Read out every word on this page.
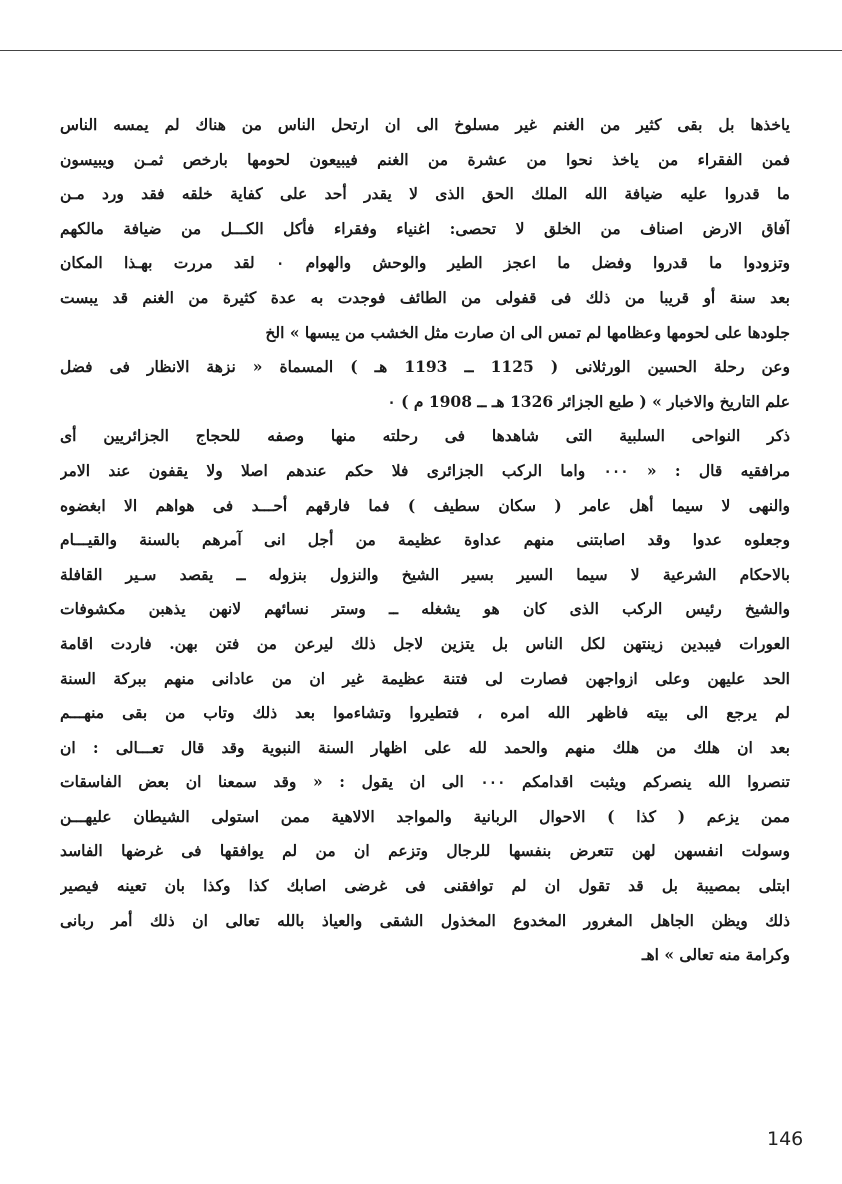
ياخذها بل بقى كثير من الغنم غير مسلوخ الى ان ارتحل الناس من هناك لم يمسه الناس
فمن الفقراء من ياخذ نحوا من عشرة من الغنم فيبيعون لحومها بارخص ثمـن ويبيسون
ما قدروا عليه ضيافة الله الملك الحق الذى لا يقدر أحد على كفاية خلقه فقد ورد مـن
آفاق الارض اصناف من الخلق لا تحصى: اغنياء وفقراء فأكل الكـــل من ضيافة مالكهم
وتزودوا ما قدروا وفضل ما اعجز الطير والوحش والهوام ٠ لقد مررت بهـذا المكان
بعد سنة أو قريبا من ذلك فى قفولى من الطائف فوجدت به عدة كثيرة من الغنم قد يبست
جلودها على لحومها وعظامها لم تمس الى ان صارت مثل الخشب من يبسها » الخ
وعن رحلة الحسين الورثلانى ( 1125 ــ 1193 هـ ) المسماة « نزهة الانظار فى فضل
علم التاريخ والاخبار » ( طبع الجزائر 1326 هـ ــ 1908 م ) ٠
ذكر النواحى السلبية التى شاهدها فى رحلته منها وصفه للحجاج الجزائريين أى
مرافقيه قال : « ٠٠٠ واما الركب الجزائرى فلا حكم عندهم اصلا ولا يقفون عند الامر
والنهى لا سيما أهل عامر ( سكان سطيف ) فما فارقهم أحـــد فى هواهم الا ابغضوه
وجعلوه عدوا وقد اصابتنى منهم عداوة عظيمة من أجل انى آمرهم بالسنة والقيـــام
بالاحكام الشرعية لا سيما السير بسير الشيخ والنزول بنزوله ــ يقصد سـير القافلة
والشيخ رئيس الركب الذى كان هو يشغله ــ وستر نسائهم لانهن يذهبن مكشوفات
العورات فيبدين زينتهن لكل الناس بل يتزين لاجل ذلك ليرعن من فتن بهن. فاردت اقامة
الحد عليهن وعلى ازواجهن فصارت لى فتنة عظيمة غير ان من عادانى منهم ببركة السنة
لم يرجع الى بيته فاظهر الله امره ، فتطيروا وتشاءموا بعد ذلك وتاب من بقى منهـــم
بعد ان هلك من هلك منهم والحمد لله على اظهار السنة النبوية وقد قال تعـــالى : ان
تنصروا الله ينصركم ويثبت اقدامكم ٠٠٠ الى ان يقول : « وقد سمعنا ان بعض الفاسقات
ممن يزعم ( كذا ) الاحوال الربانية والمواجد الالاهية ممن استولى الشيطان عليهـــن
وسولت انفسهن لهن تتعرض بنفسها للرجال وتزعم ان من لم يوافقها فى غرضها الفاسد
ابتلى بمصيبة بل قد تقول ان لم توافقنى فى غرضى اصابك كذا وكذا بان تعينه فيصير
ذلك ويظن الجاهل المغرور المخدوع المخذول الشقى والعياذ بالله تعالى ان ذلك أمر ربانى
وكرامة منه تعالى » اهـ
146
